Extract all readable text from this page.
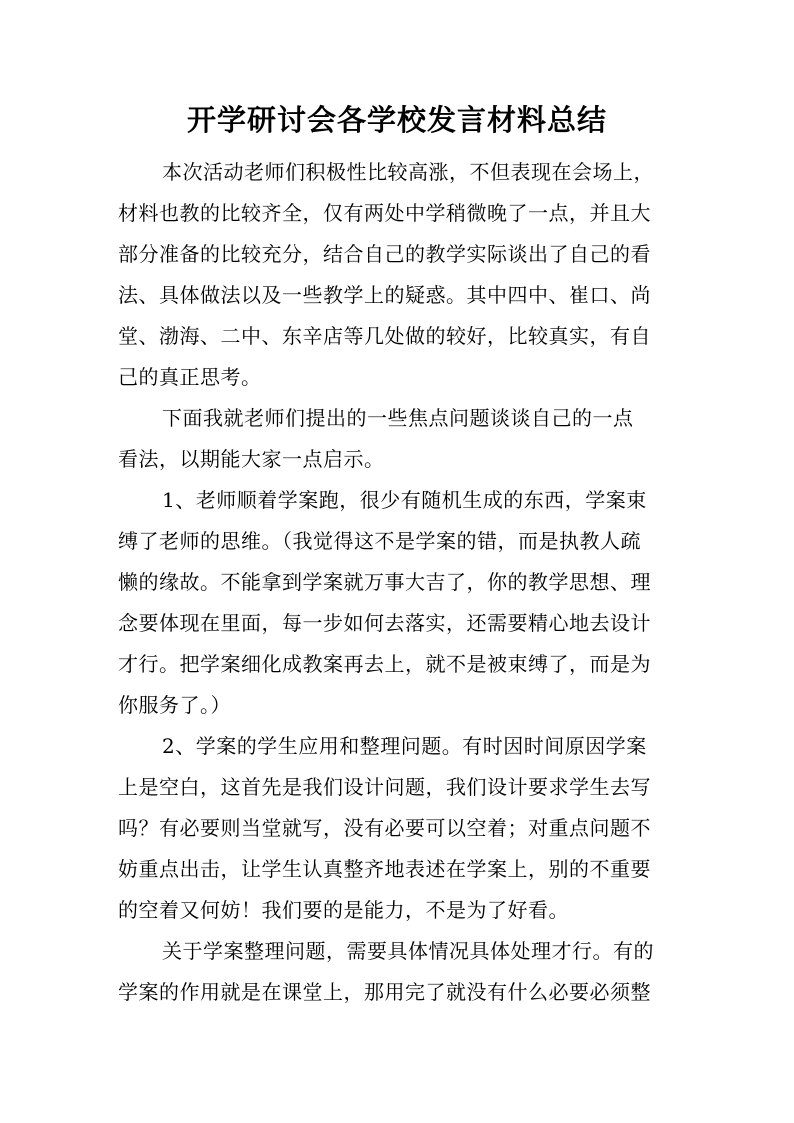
开学研讨会各学校发言材料总结
本次活动老师们积极性比较高涨，不但表现在会场上，
材料也教的比较齐全，仅有两处中学稍微晚了一点，并且大
部分准备的比较充分，结合自己的教学实际谈出了自己的看
法、具体做法以及一些教学上的疑惑。其中四中、崔口、尚
堂、渤海、二中、东辛店等几处做的较好，比较真实，有自
己的真正思考。
下面我就老师们提出的一些焦点问题谈谈自己的一点
看法，以期能大家一点启示。
1、老师顺着学案跑，很少有随机生成的东西，学案束
缚了老师的思维。（我觉得这不是学案的错，而是执教人疏
懒的缘故。不能拿到学案就万事大吉了，你的教学思想、理
念要体现在里面，每一步如何去落实，还需要精心地去设计
才行。把学案细化成教案再去上，就不是被束缚了，而是为
你服务了。）
2、学案的学生应用和整理问题。有时因时间原因学案
上是空白，这首先是我们设计问题，我们设计要求学生去写
吗？有必要则当堂就写，没有必要可以空着；对重点问题不
妨重点出击，让学生认真整齐地表述在学案上，别的不重要
的空着又何妨！我们要的是能力，不是为了好看。
关于学案整理问题，需要具体情况具体处理才行。有的
学案的作用就是在课堂上，那用完了就没有什么必要必须整
